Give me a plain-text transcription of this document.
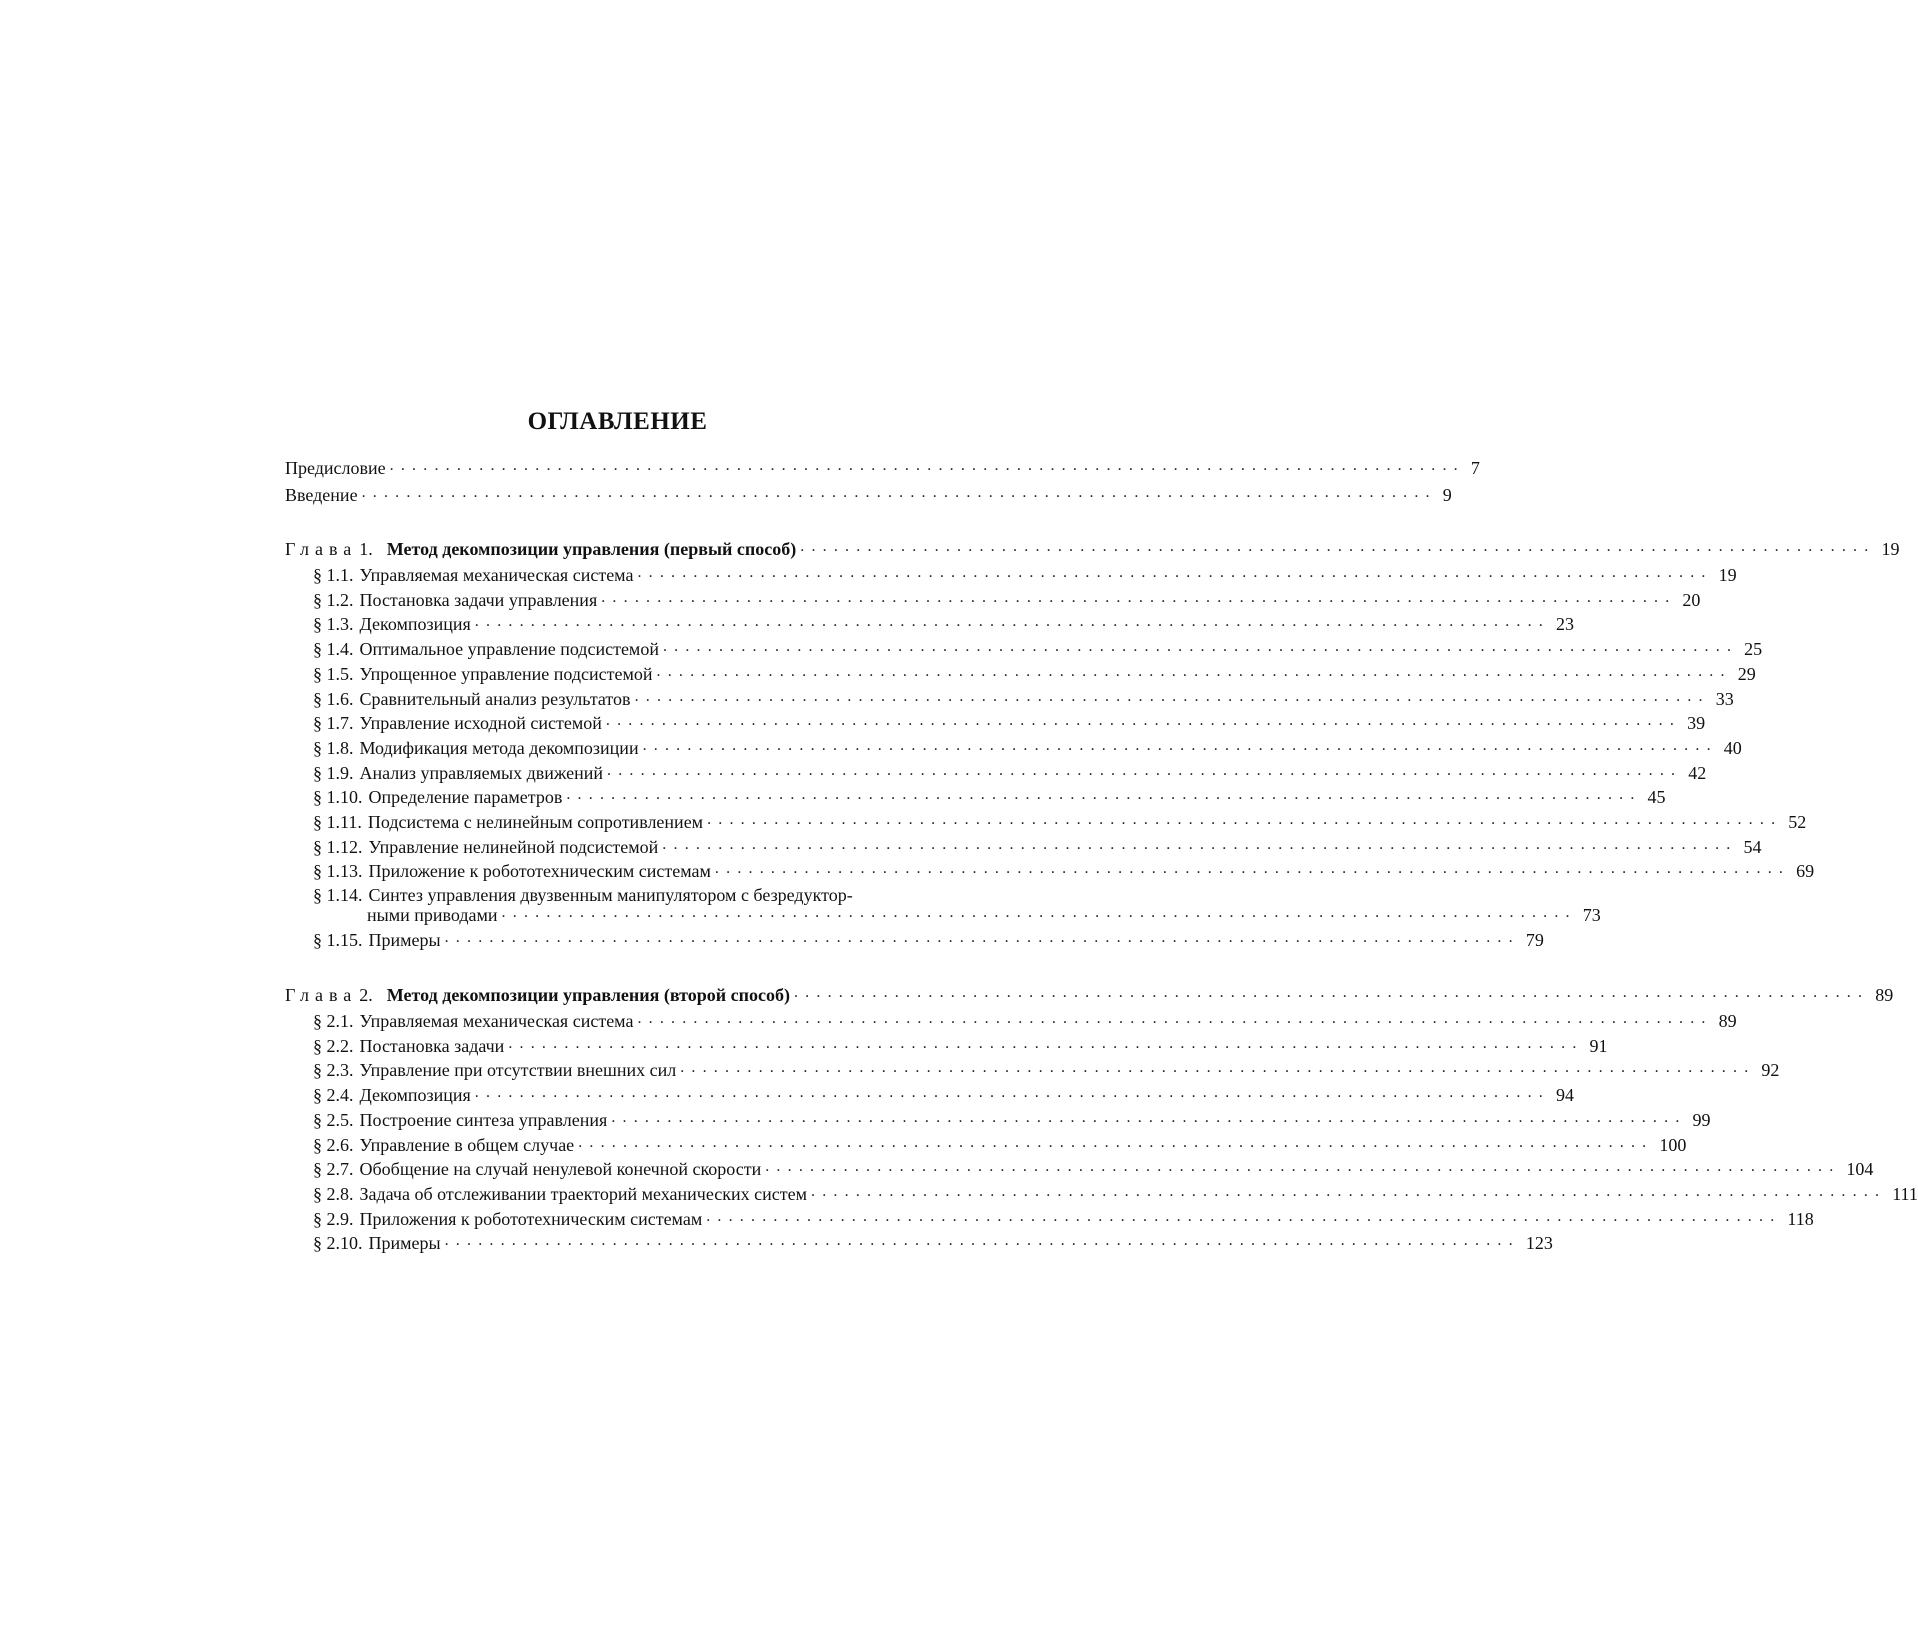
ОГЛАВЛЕНИЕ
Предисловие ................................................................................................ 7
Введение ................................................................................................ 9
Глава 1. Метод декомпозиции управления (первый способ) ................................................................................................ 19
§ 1.1. Управляемая механическая система ................................................................................................ 19
§ 1.2. Постановка задачи управления ................................................................................................ 20
§ 1.3. Декомпозиция ................................................................................................ 23
§ 1.4. Оптимальное управление подсистемой ................................................................................................ 25
§ 1.5. Упрощенное управление подсистемой ................................................................................................ 29
§ 1.6. Сравнительный анализ результатов ................................................................................................ 33
§ 1.7. Управление исходной системой ................................................................................................ 39
§ 1.8. Модификация метода декомпозиции ................................................................................................ 40
§ 1.9. Анализ управляемых движений ................................................................................................ 42
§ 1.10. Определение параметров ................................................................................................ 45
§ 1.11. Подсистема с нелинейным сопротивлением ................................................................................................ 52
§ 1.12. Управление нелинейной подсистемой ................................................................................................ 54
§ 1.13. Приложение к робототехническим системам ................................................................................................ 69
§ 1.14. Синтез управления двузвенным манипулятором с безредуктор-
ными приводами ................................................................................................ 73
§ 1.15. Примеры ................................................................................................ 79
Глава 2. Метод декомпозиции управления (второй способ) ................................................................................................ 89
§ 2.1. Управляемая механическая система ................................................................................................ 89
§ 2.2. Постановка задачи ................................................................................................ 91
§ 2.3. Управление при отсутствии внешних сил ................................................................................................ 92
§ 2.4. Декомпозиция ................................................................................................ 94
§ 2.5. Построение синтеза управления ................................................................................................ 99
§ 2.6. Управление в общем случае ................................................................................................ 100
§ 2.7. Обобщение на случай ненулевой конечной скорости ................................................................................................ 104
§ 2.8. Задача об отслеживании траекторий механических систем ................................................................................................ 111
§ 2.9. Приложения к робототехническим системам ................................................................................................ 118
§ 2.10. Примеры ................................................................................................ 123
